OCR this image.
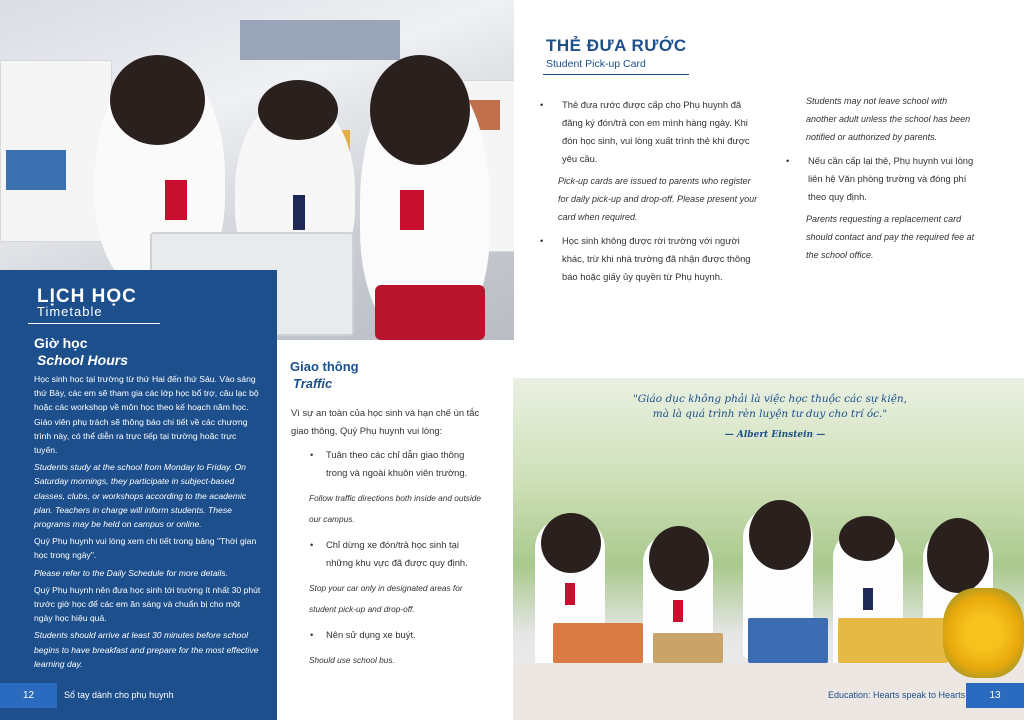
LỊCH HỌC
Timetable
Giờ học
School Hours

Học sinh học tại trường từ thứ Hai đến thứ Sáu. Vào sáng thứ Bảy, các em sẽ tham gia các lớp học bổ trợ, câu lạc bộ hoặc các workshop về môn học theo kế hoạch năm học. Giáo viên phụ trách sẽ thông báo chi tiết về các chương trình này, có thể diễn ra trực tiếp tại trường hoặc trực tuyến.

Students study at the school from Monday to Friday. On Saturday mornings, they participate in subject-based classes, clubs, or workshops according to the academic plan. Teachers in charge will inform students. These programs may be held on campus or online.

Quý Phụ huynh vui lòng xem chi tiết trong bảng "Thời gian học trong ngày".

Please refer to the Daily Schedule for more details.

Quý Phụ huynh nên đưa học sinh tới trường ít nhất 30 phút trước giờ học để các em ăn sáng và chuẩn bị cho một ngày học hiệu quả.

Students should arrive at least 30 minutes before school begins to have breakfast and prepare for the most effective learning day.

12	Sổ tay dành cho phụ huynh
THẺ ĐƯA RƯỚC
Student Pick-up Card
• Thẻ đưa rước được cấp cho Phụ huynh đã đăng ký đón/trả con em mình hàng ngày. Khi đón học sinh, vui lòng xuất trình thẻ khi được yêu cầu.
Pick-up cards are issued to parents who register for daily pick-up and drop-off. Please present your card when required.
• Học sinh không được rời trường với người khác, trừ khi nhà trường đã nhận được thông báo hoặc giấy ủy quyền từ Phụ huynh.
Students may not leave school with another adult unless the school has been notified or authorized by parents.
• Nếu cần cấp lại thẻ, Phụ huynh vui lòng liên hệ Văn phòng trường và đóng phí theo quy định.
Parents requesting a replacement card should contact and pay the required fee at the school office.
Giao thông
Traffic

Vì sự an toàn của học sinh và hạn chế ùn tắc giao thông, Quý Phụ huynh vui lòng:

• Tuân theo các chỉ dẫn giao thông trong và ngoài khuôn viên trường.

Follow traffic directions both inside and outside our campus.

• Chỉ dừng xe đón/trả học sinh tại những khu vực đã được quy định.

Stop your car only in designated areas for student pick-up and drop-off.

• Nên sử dụng xe buýt.

Should use school bus.

"Giáo dục không phải là việc học thuộc các sự kiện,
mà là quá trình rèn luyện tư duy cho trí óc."
— Albert Einstein —
Education: Hearts speak to Hearts	13
